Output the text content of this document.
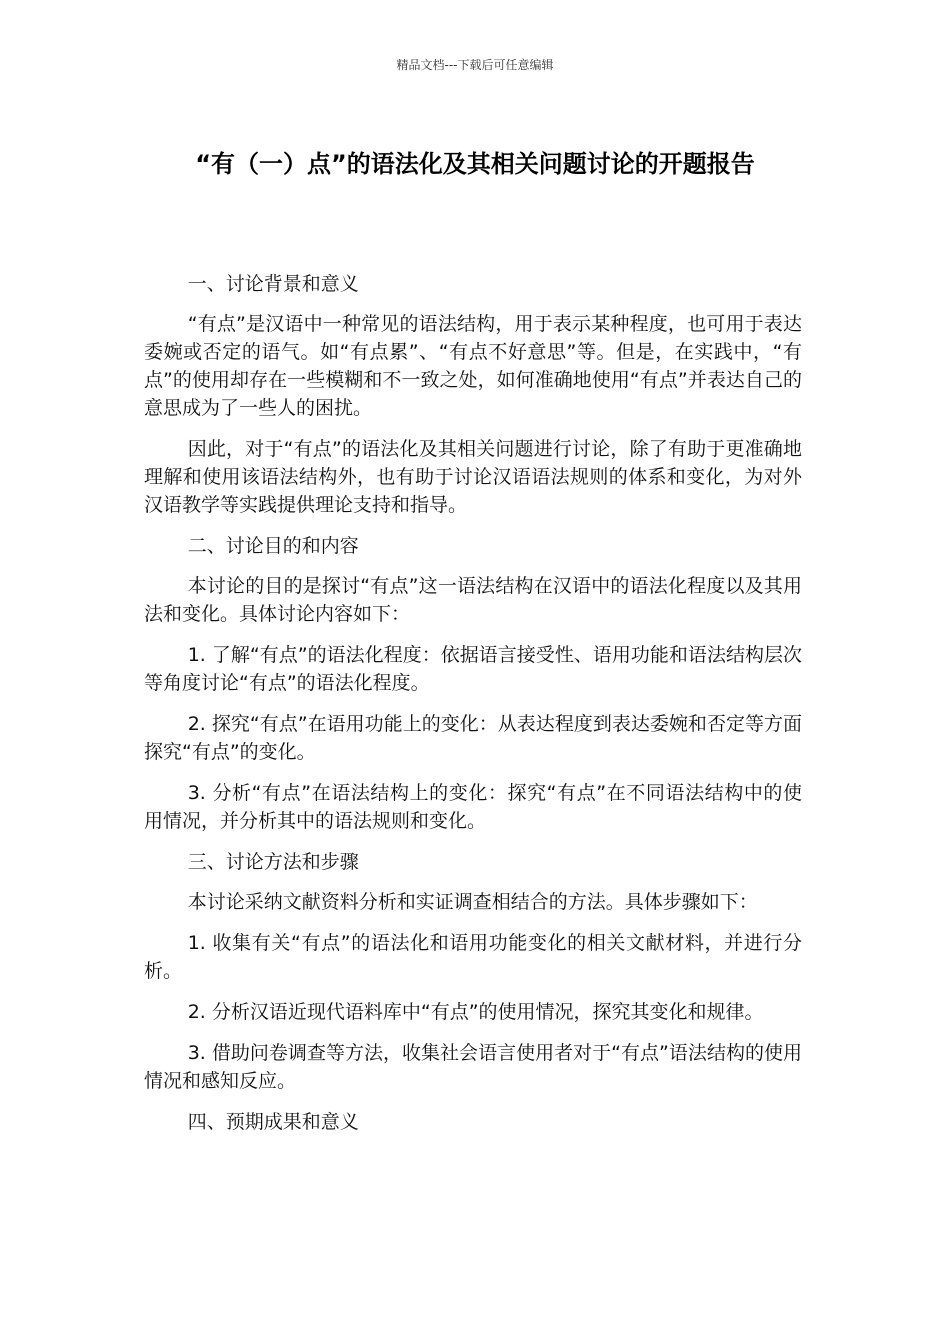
精品文档---下载后可任意编辑
“有（一）点”的语法化及其相关问题讨论的开题报告

一、讨论背景和意义

“有点”是汉语中一种常见的语法结构，用于表示某种程度，也可用于表达委婉或否定的语气。如“有点累”、“有点不好意思”等。但是，在实践中，“有点”的使用却存在一些模糊和不一致之处，如何准确地使用“有点”并表达自己的意思成为了一些人的困扰。

因此，对于“有点”的语法化及其相关问题进行讨论，除了有助于更准确地理解和使用该语法结构外，也有助于讨论汉语语法规则的体系和变化，为对外汉语教学等实践提供理论支持和指导。

二、讨论目的和内容

本讨论的目的是探讨“有点”这一语法结构在汉语中的语法化程度以及其用法和变化。具体讨论内容如下：

1. 了解“有点”的语法化程度：依据语言接受性、语用功能和语法结构层次等角度讨论“有点”的语法化程度。

2. 探究“有点”在语用功能上的变化：从表达程度到表达委婉和否定等方面探究“有点”的变化。

3. 分析“有点”在语法结构上的变化：探究“有点”在不同语法结构中的使用情况，并分析其中的语法规则和变化。

三、讨论方法和步骤

本讨论采纳文献资料分析和实证调查相结合的方法。具体步骤如下：

1. 收集有关“有点”的语法化和语用功能变化的相关文献材料，并进行分析。

2. 分析汉语近现代语料库中“有点”的使用情况，探究其变化和规律。

3. 借助问卷调查等方法，收集社会语言使用者对于“有点”语法结构的使用情况和感知反应。

四、预期成果和意义
